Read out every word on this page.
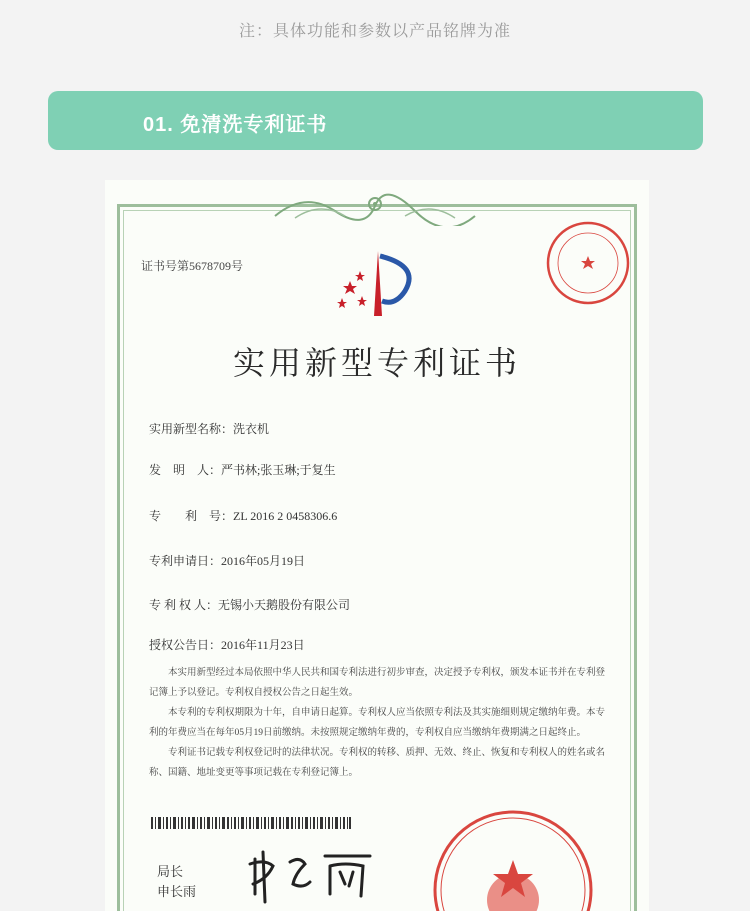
注：具体功能和参数以产品铭牌为准
01. 免清洗专利证书
证书号第5678709号
实用新型专利证书
实用新型名称：洗衣机
发　明　人：严书林;张玉琳;于复生
专　　利　号：ZL 2016 2 0458306.6
专利申请日：2016年05月19日
专 利 权 人：无锡小天鹅股份有限公司
授权公告日：2016年11月23日

本实用新型经过本局依照中华人民共和国专利法进行初步审查，决定授予专利权，颁发本证书并在专利登记簿上予以登记。专利权自授权公告之日起生效。

本专利的专利权期限为十年，自申请日起算。专利权人应当依照专利法及其实施细则规定缴纳年费。本专利的年费应当在每年05月19日前缴纳。未按照规定缴纳年费的，专利权自应当缴纳年费期满之日起终止。

专利证书记载专利权登记时的法律状况。专利权的转移、质押、无效、终止、恢复和专利权人的姓名或名称、国籍、地址变更等事项记载在专利登记簿上。

局长
申长雨
